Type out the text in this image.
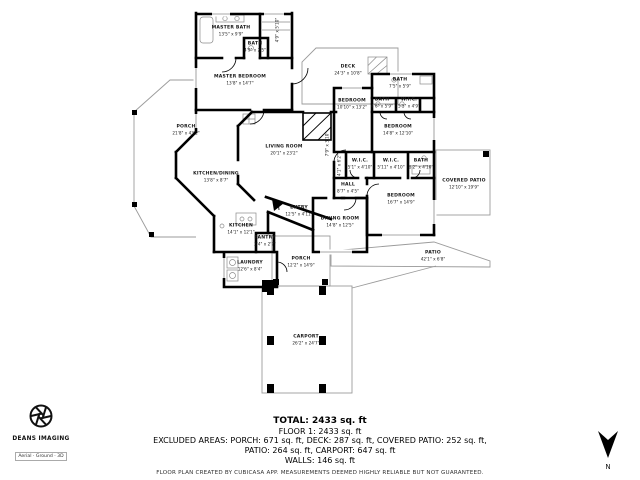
MASTER BATH
13'5" x 9'9"	4'9" x 5'10"
BATH
4'9" x 2'5"
MASTER BEDROOM
13'8" x 14'7"
PORCH
21'8" x 43'2"
DECK
24'3" x 10'8"
LIVING ROOM
20'1" x 23'2"
KITCHEN/DINING
13'8" x 8'7"
BEDROOM
10'10" x 13'2"
BATH
7'5" x 5'9"
BATH
4'6" x 5'9"
W.I.C.
5'5" x 4'9"
BEDROOM
14'8" x 12'10"
7'9" x 3'10"
4'1" x 6'2"	W.I.C.
5'1" x 4'10"
W.I.C.
5'11" x 4'10"
BATH
8'2" x 4'10"
HALL
8'7" x 4'5"
BEDROOM
16'7" x 14'9"
DINING ROOM
14'8" x 12'5"
COVERED PATIO
12'10" x 19'9"
ENTRY
12'5" x 4'11"
KITCHEN
14'1" x 12'1"
PANTRY
3'4" x 2'7"
LAUNDRY
12'6" x 8'4"
PORCH
12'2" x 14'9"
PATIO
42'1" x 6'8"
CARPORT
26'2" x 24'7"
TOTAL: 2433 sq. ft
FLOOR 1: 2433 sq. ft
EXCLUDED AREAS: PORCH: 671 sq. ft, DECK: 287 sq. ft, COVERED PATIO: 252 sq. ft,
PATIO: 264 sq. ft, CARPORT: 647 sq. ft
WALLS: 146 sq. ft
FLOOR PLAN CREATED BY CUBICASA APP. MEASUREMENTS DEEMED HIGHLY RELIABLE BUT NOT GUARANTEED.
DEANS IMAGING
Aerial · Ground · 3D
N
